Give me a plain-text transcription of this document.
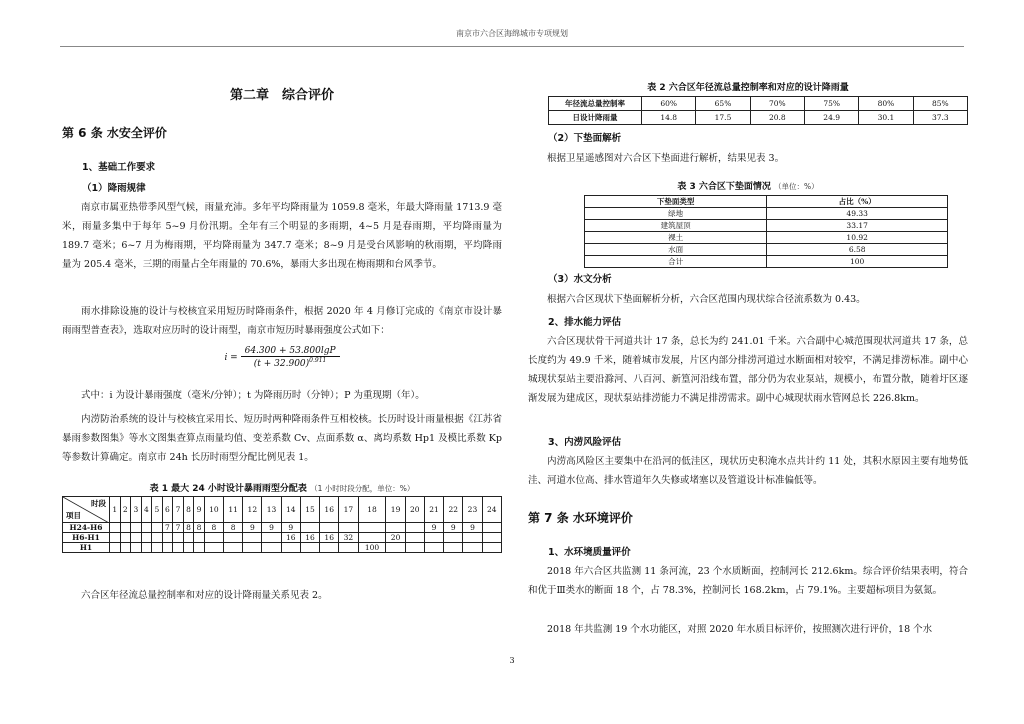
南京市六合区海绵城市专项规划
第二章　综合评价
第 6 条 水安全评价
1、基础工作要求
（1）降雨规律

南京市属亚热带季风型气候，雨量充沛。多年平均降雨量为 1059.8 毫米，年最大降雨量 1713.9 毫米，雨量多集中于每年 5~9 月份汛期。全年有三个明显的多雨期，4~5 月是春雨期，平均降雨量为 189.7 毫米；6~7 月为梅雨期，平均降雨量为 347.7 毫米；8~9 月是受台风影响的秋雨期，平均降雨量为 205.4 毫米，三期的雨量占全年雨量的 70.6%，暴雨大多出现在梅雨期和台风季节。

雨水排除设施的设计与校核宜采用短历时降雨条件，根据 2020 年 4 月修订完成的《南京市设计暴雨雨型普查表》，选取对应历时的设计雨型，南京市短历时暴雨强度公式如下：

$i = \frac{64.300 + 53.800\lg P}{(t + 32.900)^{0.911}}$

式中：i 为设计暴雨强度（毫米/分钟）；t 为降雨历时（分钟）；P 为重现期（年）。

内涝防治系统的设计与校核宜采用长、短历时两种降雨条件互相校核。长历时设计雨量根据《江苏省暴雨参数图集》等水文图集查算点雨量均值、变差系数 Cv、点面系数 α、离均系数 Hp1 及模比系数 Kp 等参数计算确定。南京市 24h 长历时雨型分配比例见表 1。

表 1 最大 24 小时设计暴雨雨型分配表 （1 小时时段分配，单位：%）
时段
项目	1	2	3	4	5	6	7	8	9	10	11	12	13	14	15	16	17	18	19	20	21	22	23	24
H24-H6						7	7	8	8	8	8	9	9	9							9	9	9	
H6-H1														16	16	16	32		20					
H1																		100						

六合区年径流总量控制率和对应的设计降雨量关系见表 2。

表 2 六合区年径流总量控制率和对应的设计降雨量
年径流总量控制率	60%	65%	70%	75%	80%	85%
日设计降雨量	14.8	17.5	20.8	24.9	30.1	37.3
（2）下垫面解析

根据卫星遥感图对六合区下垫面进行解析，结果见表 3。

表 3 六合区下垫面情况 （单位：%）
下垫面类型	占比（%）
绿地	49.33
建筑屋顶	33.17
裸土	10.92
水面	6.58
合计	100
（3）水文分析

根据六合区现状下垫面解析分析，六合区范围内现状综合径流系数为 0.43。

2、排水能力评估

六合区现状骨干河道共计 17 条，总长为约 241.01 千米。六合副中心城范围现状河道共 17 条，总长度约为 49.9 千米，随着城市发展，片区内部分排涝河道过水断面相对较窄，不满足排涝标准。副中心城现状泵站主要沿滁河、八百河、新篁河沿线布置，部分仍为农业泵站，规模小，布置分散，随着圩区逐渐发展为建成区，现状泵站排涝能力不满足排涝需求。副中心城现状雨水管网总长 226.8km。

3、内涝风险评估

内涝高风险区主要集中在沿河的低洼区，现状历史积淹水点共计约 11 处，其积水原因主要有地势低洼、河道水位高、排水管道年久失修或堵塞以及管道设计标准偏低等。

第 7 条 水环境评价
1、水环境质量评价

2018 年六合区共监测 11 条河流，23 个水质断面，控制河长 212.6km。综合评价结果表明，符合和优于Ⅲ类水的断面 18 个，占 78.3%，控制河长 168.2km，占 79.1%。主要超标项目为氨氮。

2018 年共监测 19 个水功能区，对照 2020 年水质目标评价，按照测次进行评价，18 个水

3
